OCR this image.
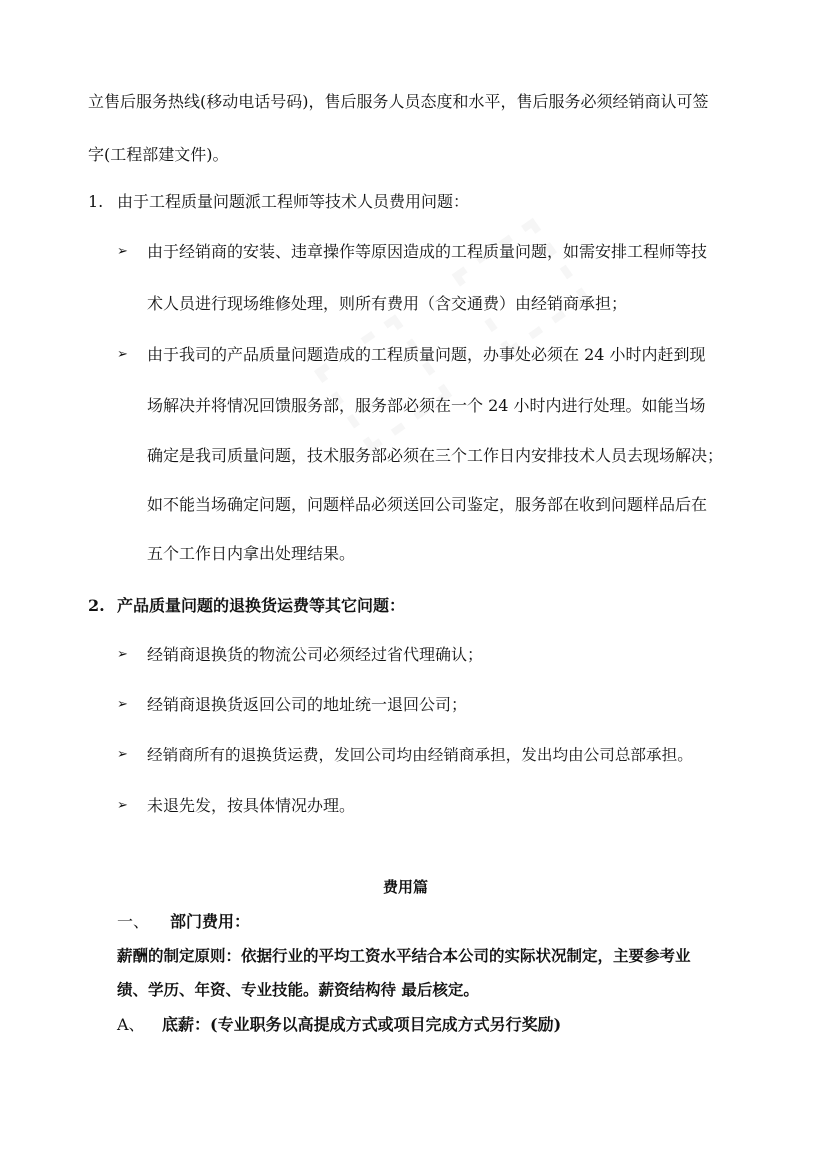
立售后服务热线(移动电话号码)，售后服务人员态度和水平，售后服务必须经销商认可签
字(工程部建文件)。
1. 由于工程质量问题派工程师等技术人员费用问题：
➢ 由于经销商的安装、违章操作等原因造成的工程质量问题，如需安排工程师等技
术人员进行现场维修处理，则所有费用（含交通费）由经销商承担；
➢ 由于我司的产品质量问题造成的工程质量问题，办事处必须在 24 小时内赶到现
场解决并将情况回馈服务部，服务部必须在一个 24 小时内进行处理。如能当场
确定是我司质量问题，技术服务部必须在三个工作日内安排技术人员去现场解决；
如不能当场确定问题，问题样品必须送回公司鉴定，服务部在收到问题样品后在
五个工作日内拿出处理结果。
2. 产品质量问题的退换货运费等其它问题：
➢ 经销商退换货的物流公司必须经过省代理确认；
➢ 经销商退换货返回公司的地址统一退回公司；
➢ 经销商所有的退换货运费，发回公司均由经销商承担，发出均由公司总部承担。
➢ 未退先发，按具体情况办理。
费用篇
一、 部门费用：
薪酬的制定原则：依据行业的平均工资水平结合本公司的实际状况制定，主要参考业
绩、学历、年资、专业技能。薪资结构待 最后核定。
A、 底薪：(专业职务以高提成方式或项目完成方式另行奖励)
